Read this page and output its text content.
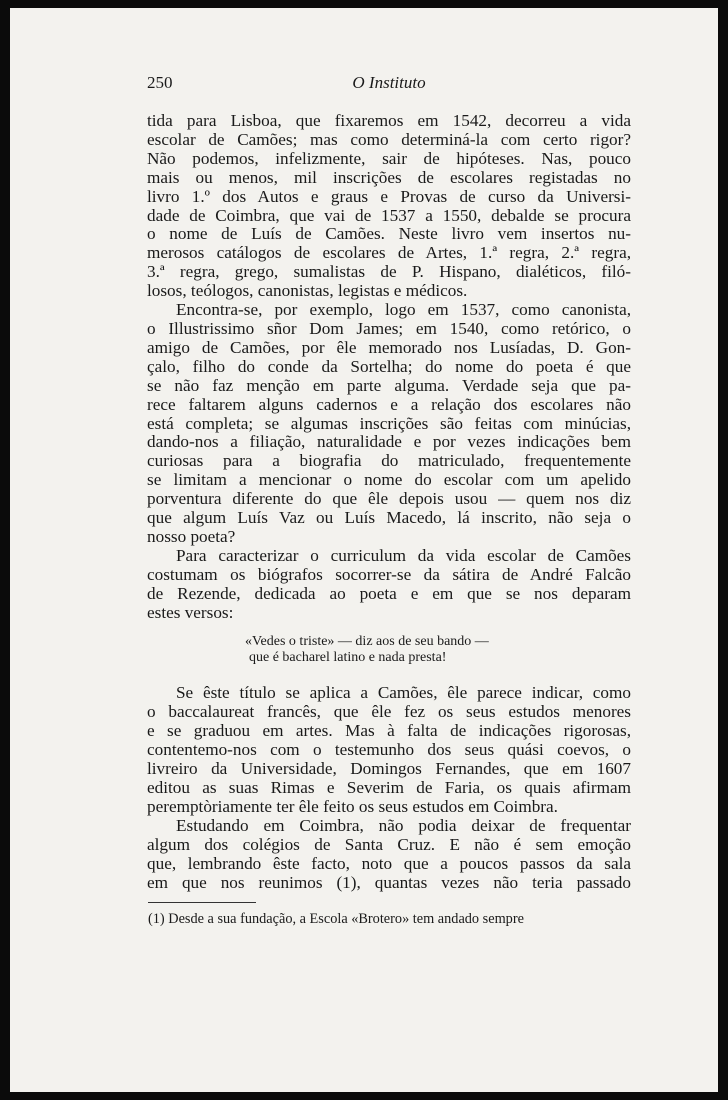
250	O Instituto

tida para Lisboa, que fixaremos em 1542, decorreu a vida
escolar de Camões; mas como determiná-la com certo rigor?
Não podemos, infelizmente, sair de hipóteses. Nas, pouco
mais ou menos, mil inscrições de escolares registadas no
livro 1.º dos Autos e graus e Provas de curso da Universi-
dade de Coimbra, que vai de 1537 a 1550, debalde se procura
o nome de Luís de Camões. Neste livro vem insertos nu-
merosos catálogos de escolares de Artes, 1.ª regra, 2.ª regra,
3.ª regra, grego, sumalistas de P. Hispano, dialéticos, filó-
losos, teólogos, canonistas, legistas e médicos.

Encontra-se, por exemplo, logo em 1537, como canonista,
o Illustrissimo sñor Dom James; em 1540, como retórico, o
amigo de Camões, por êle memorado nos Lusíadas, D. Gon-
çalo, filho do conde da Sortelha; do nome do poeta é que
se não faz menção em parte alguma. Verdade seja que pa-
rece faltarem alguns cadernos e a relação dos escolares não
está completa; se algumas inscrições são feitas com minúcias,
dando-nos a filiação, naturalidade e por vezes indicações bem
curiosas para a biografia do matriculado, frequentemente
se limitam a mencionar o nome do escolar com um apelido
porventura diferente do que êle depois usou — quem nos diz
que algum Luís Vaz ou Luís Macedo, lá inscrito, não seja o
nosso poeta?

Para caracterizar o curriculum da vida escolar de Camões
costumam os biógrafos socorrer-se da sátira de André Falcão
de Rezende, dedicada ao poeta e em que se nos deparam
estes versos:

«Vedes o triste» — diz aos de seu bando —
que é bacharel latino e nada presta!

Se êste título se aplica a Camões, êle parece indicar, como
o baccalaureat francês, que êle fez os seus estudos menores
e se graduou em artes. Mas à falta de indicações rigorosas,
contentemo-nos com o testemunho dos seus quási coevos, o
livreiro da Universidade, Domingos Fernandes, que em 1607
editou as suas Rimas e Severim de Faria, os quais afirmam
peremptòriamente ter êle feito os seus estudos em Coimbra.

Estudando em Coimbra, não podia deixar de frequentar
algum dos colégios de Santa Cruz. E não é sem emoção
que, lembrando êste facto, noto que a poucos passos da sala
em que nos reunimos (1), quantas vezes não teria passado

(1) Desde a sua fundação, a Escola «Brotero» tem andado sempre
